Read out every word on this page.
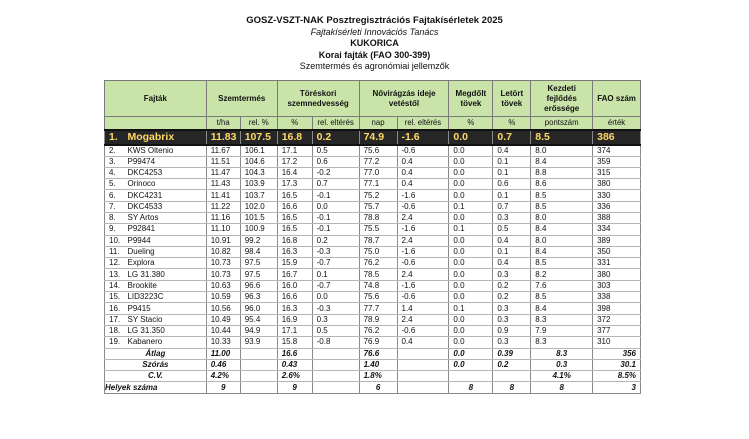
GOSZ-VSZT-NAK Posztregisztrációs Fajtakísérletek 2025
Fajtakísérleti Innovációs Tanács
KUKORICA
Korai fajták (FAO 300-399)
Szemtermés és agronómiai jellemzők
Fajták		Szemtermés		Töréskori szemnedvesség		Nővirágzás ideje vetéstől		Megdőlt tövek	Letört tövek	Kezdeti fejlődés erőssége	FAO szám
		t/ha	rel. %	%	rel. eltérés	nap	rel. eltérés	%	%	pontszám	érték
1.	Mogabrix	11.83	107.5	16.8	0.2	74.9	-1.6	0.0	0.7	8.5	386
2.	KWS Oltenio	11.67	106.1	17.1	0.5	75.6	-0.6	0.0	0.4	8.0	374
3.	P99474	11.51	104.6	17.2	0.6	77.2	0.4	0.0	0.1	8.4	359
4.	DKC4253	11.47	104.3	16.4	-0.2	77.0	0.4	0.0	0.1	8.8	315
5.	Orinoco	11.43	103.9	17.3	0.7	77.1	0.4	0.0	0.6	8.6	380
6.	DKC4231	11.41	103.7	16.5	-0.1	75.2	-1.6	0.0	0.1	8.5	330
7.	DKC4533	11.22	102.0	16.6	0.0	75.7	-0.6	0.1	0.7	8.5	336
8.	SY Artos	11.16	101.5	16.5	-0.1	78.8	2.4	0.0	0.3	8.0	388
9.	P92841	11.10	100.9	16.5	-0.1	75.5	-1.6	0.1	0.5	8.4	334
10.	P9944	10.91	99.2	16.8	0.2	78.7	2.4	0.0	0.4	8.0	389
11.	Dueling	10.82	98.4	16.3	-0.3	75.0	-1.6	0.0	0.1	8.4	350
12.	Explora	10.73	97.5	15.9	-0.7	76.2	-0.6	0.0	0.4	8.5	331
13.	LG 31.380	10.73	97.5	16.7	0.1	78.5	2.4	0.0	0.3	8.2	380
14.	Brookite	10.63	96.6	16.0	-0.7	74.8	-1.6	0.0	0.2	7.6	303
15.	LID3223C	10.59	96.3	16.6	0.0	75.6	-0.6	0.0	0.2	8.5	338
16.	P9415	10.56	96.0	16.3	-0.3	77.7	1.4	0.1	0.3	8.4	398
17.	SY Stacio	10.49	95.4	16.9	0.3	78.9	2.4	0.0	0.3	8.3	372
18.	LG 31.350	10.44	94.9	17.1	0.5	76.2	-0.6	0.0	0.9	7.9	377
19.	Kabanero	10.33	93.9	15.8	-0.8	76.9	0.4	0.0	0.3	8.3	310
Átlag		11.00		16.6		76.6		0.0	0.39	8.3	356
Szórás		0.46		0.43		1.40		0.0	0.2	0.3	30.1
C.V.		4.2%		2.6%		1.8%				4.1%	8.5%
Helyek száma		9		9		6		8	8	8	3
